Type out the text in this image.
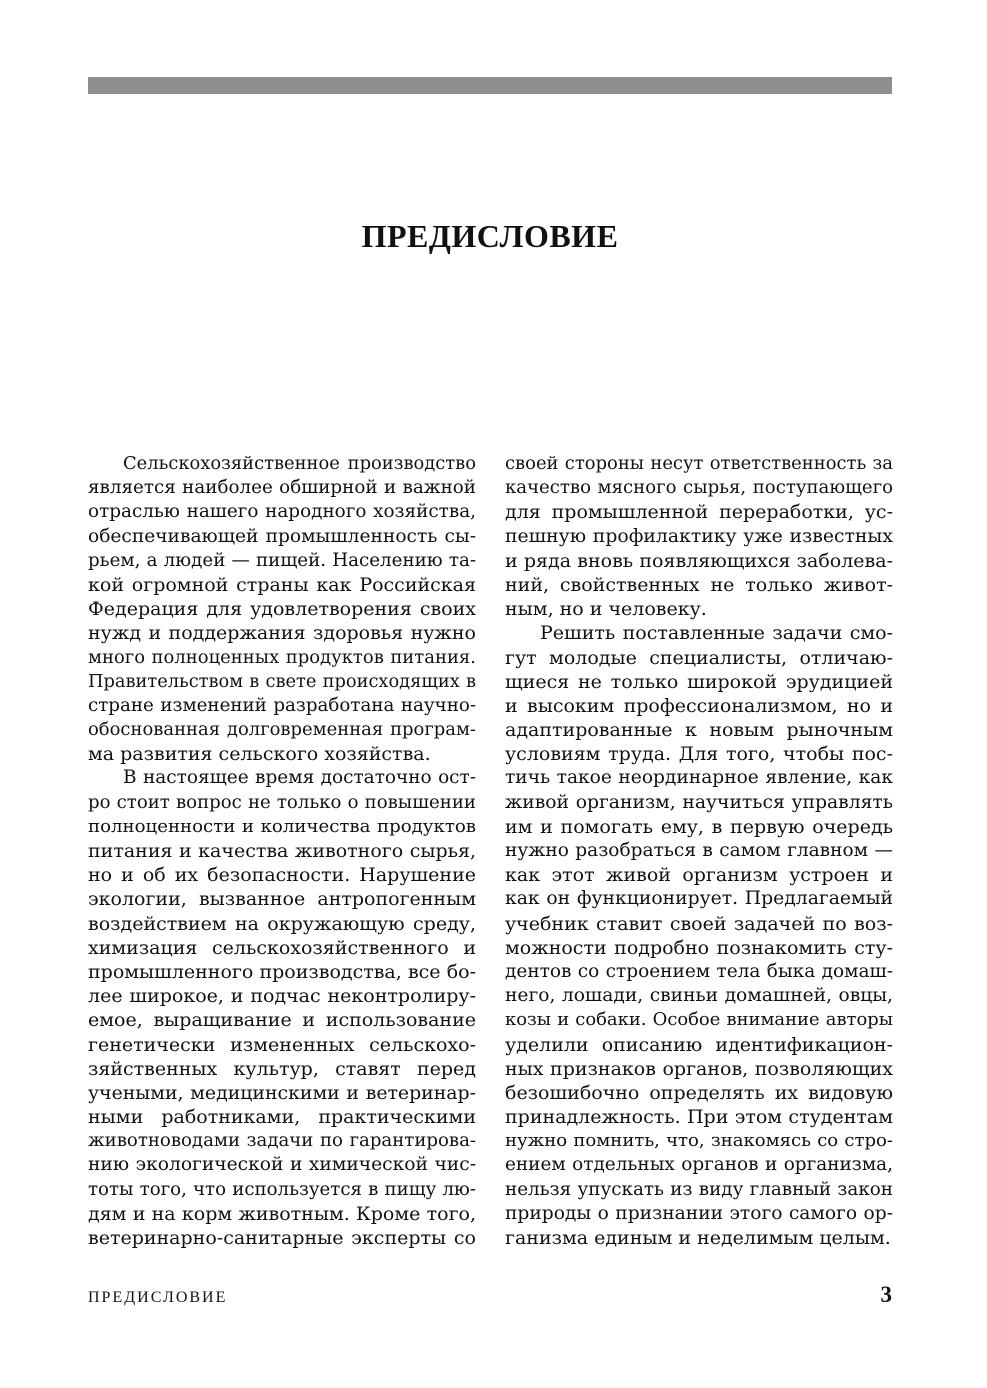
ПРЕДИСЛОВИЕ
Сельскохозяйственное производство
является наиболее обширной и важной
отраслью нашего народного хозяйства,
обеспечивающей промышленность сы-
рьем, а людей — пищей. Населению та-
кой огромной страны как Российская
Федерация для удовлетворения своих
нужд и поддержания здоровья нужно
много полноценных продуктов питания.
Правительством в свете происходящих в
стране изменений разработана научно-
обоснованная долговременная програм-
ма развития сельского хозяйства.
В настоящее время достаточно ост-
ро стоит вопрос не только о повышении
полноценности и количества продуктов
питания и качества животного сырья,
но и об их безопасности. Нарушение
экологии, вызванное антропогенным
воздействием на окружающую среду,
химизация сельскохозяйственного и
промышленного производства, все бо-
лее широкое, и подчас неконтролиру-
емое, выращивание и использование
генетически измененных сельскохо-
зяйственных культур, ставят перед
учеными, медицинскими и ветеринар-
ными работниками, практическими
животноводами задачи по гарантирова-
нию экологической и химической чис-
тоты того, что используется в пищу лю-
дям и на корм животным. Кроме того,
ветеринарно-санитарные эксперты со
своей стороны несут ответственность за
качество мясного сырья, поступающего
для промышленной переработки, ус-
пешную профилактику уже известных
и ряда вновь появляющихся заболева-
ний, свойственных не только живот-
ным, но и человеку.
Решить поставленные задачи смо-
гут молодые специалисты, отличаю-
щиеся не только широкой эрудицией
и высоким профессионализмом, но и
адаптированные к новым рыночным
условиям труда. Для того, чтобы пос-
тичь такое неординарное явление, как
живой организм, научиться управлять
им и помогать ему, в первую очередь
нужно разобраться в самом главном —
как этот живой организм устроен и
как он функционирует. Предлагаемый
учебник ставит своей задачей по воз-
можности подробно познакомить сту-
дентов со строением тела быка домаш-
него, лошади, свиньи домашней, овцы,
козы и собаки. Особое внимание авторы
уделили описанию идентификацион-
ных признаков органов, позволяющих
безошибочно определять их видовую
принадлежность. При этом студентам
нужно помнить, что, знакомясь со стро-
ением отдельных органов и организма,
нельзя упускать из виду главный закон
природы о признании этого самого ор-
ганизма единым и неделимым целым.
ПРЕДИСЛОВИЕ	3
